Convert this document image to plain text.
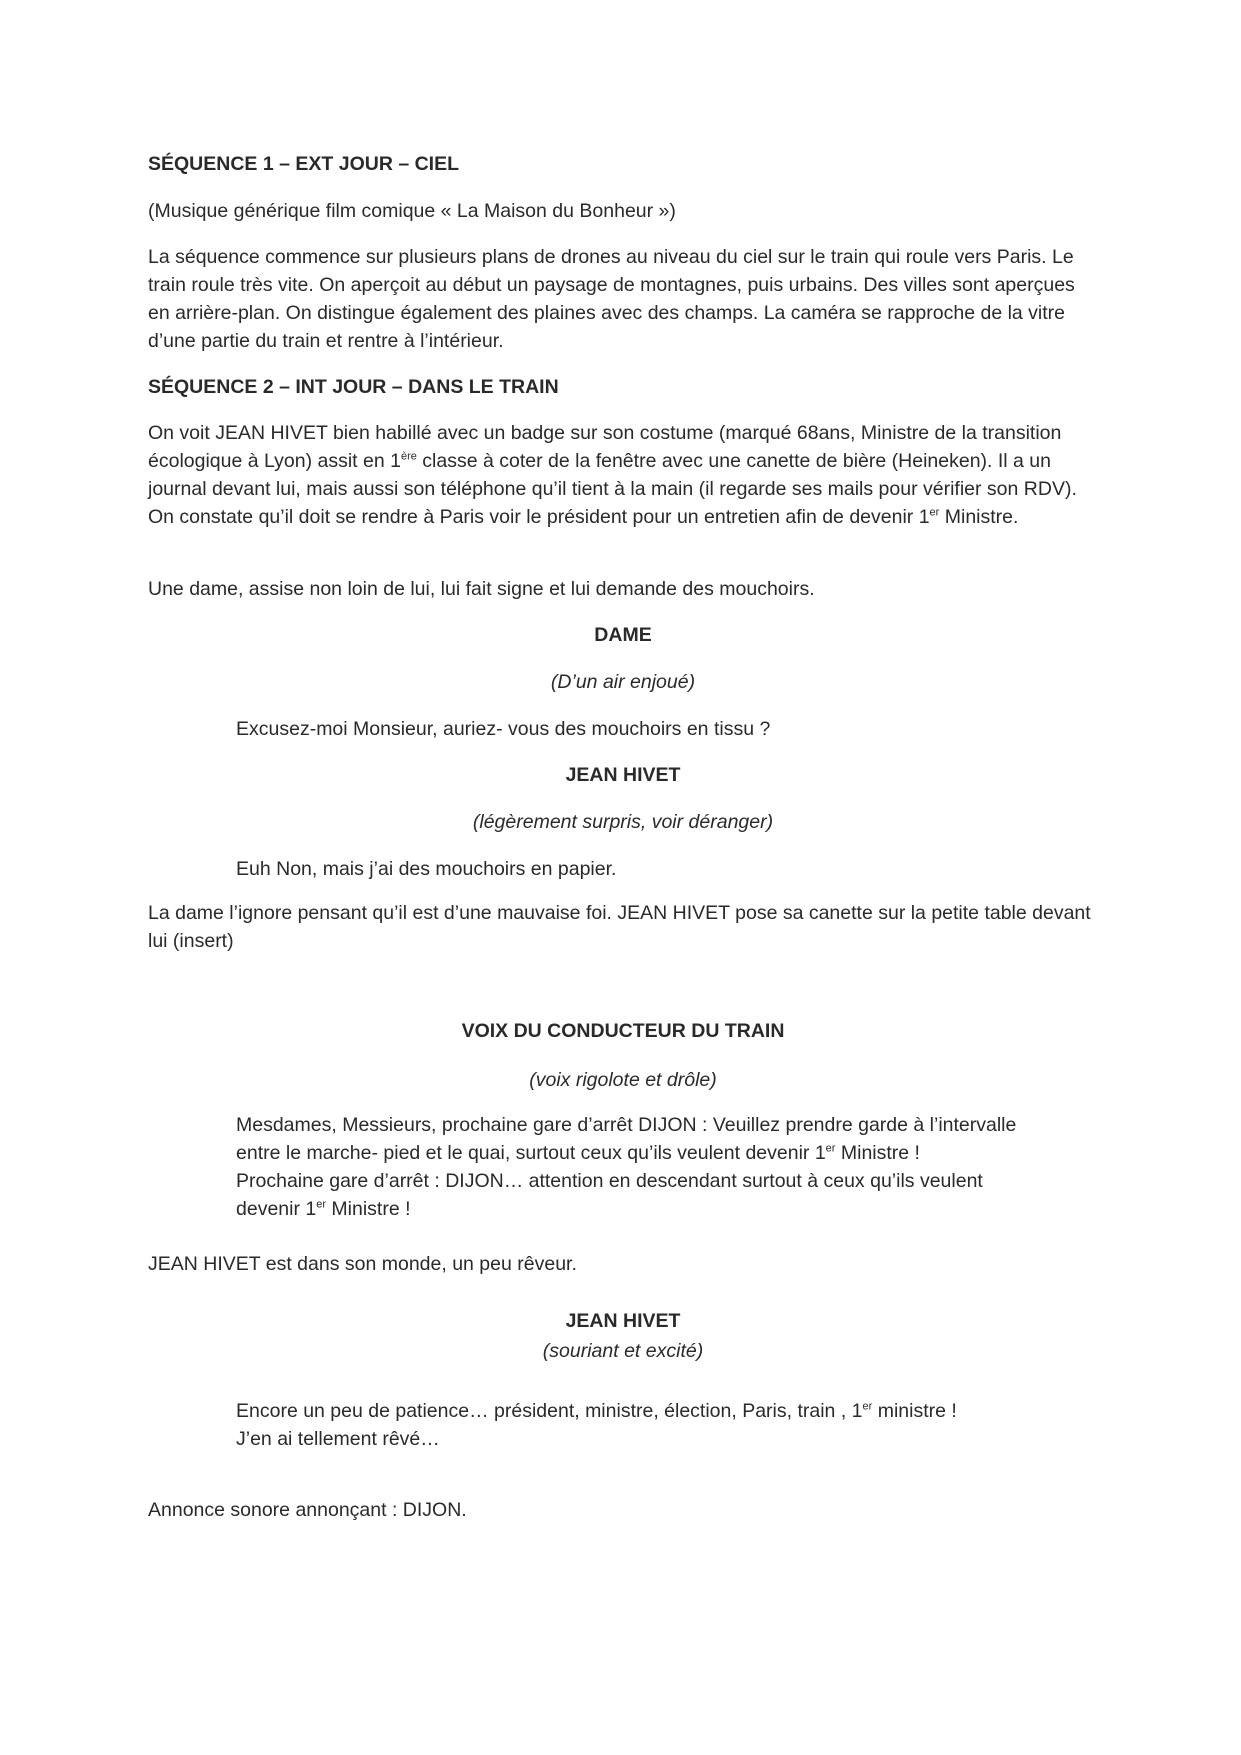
SÉQUENCE 1 – EXT JOUR – CIEL

(Musique générique film comique « La Maison du Bonheur »)

La séquence commence sur plusieurs plans de drones au niveau du ciel sur le train qui roule vers Paris. Le train roule très vite. On aperçoit au début un paysage de montagnes, puis urbains. Des villes sont aperçues en arrière-plan. On distingue également des plaines avec des champs. La caméra se rapproche de la vitre d’une partie du train et rentre à l’intérieur.

SÉQUENCE 2 – INT JOUR – DANS LE TRAIN

On voit JEAN HIVET bien habillé avec un badge sur son costume (marqué 68ans, Ministre de la transition écologique à Lyon) assit en 1ère classe à coter de la fenêtre avec une canette de bière (Heineken). Il a un journal devant lui, mais aussi son téléphone qu’il tient à la main (il regarde ses mails pour vérifier son RDV). On constate qu’il doit se rendre à Paris voir le président pour un entretien afin de devenir 1er Ministre.

Une dame, assise non loin de lui, lui fait signe et lui demande des mouchoirs.

DAME

(D’un air enjoué)

Excusez-moi Monsieur, auriez- vous des mouchoirs en tissu ?

JEAN HIVET

(légèrement surpris, voir déranger)

Euh Non, mais j’ai des mouchoirs en papier.

La dame l’ignore pensant qu’il est d’une mauvaise foi. JEAN HIVET pose sa canette sur la petite table devant lui (insert)

VOIX DU CONDUCTEUR DU TRAIN

(voix rigolote et drôle)

Mesdames, Messieurs, prochaine gare d’arrêt DIJON : Veuillez prendre garde à l’intervalle
entre le marche- pied et le quai, surtout ceux qu’ils veulent devenir 1er Ministre !
Prochaine gare d’arrêt : DIJON… attention en descendant surtout à ceux qu’ils veulent
devenir 1er Ministre !

JEAN HIVET est dans son monde, un peu rêveur.

JEAN HIVET

(souriant et excité)

Encore un peu de patience… président, ministre, élection, Paris, train , 1er ministre !
J’en ai tellement rêvé…

Annonce sonore annonçant : DIJON.
